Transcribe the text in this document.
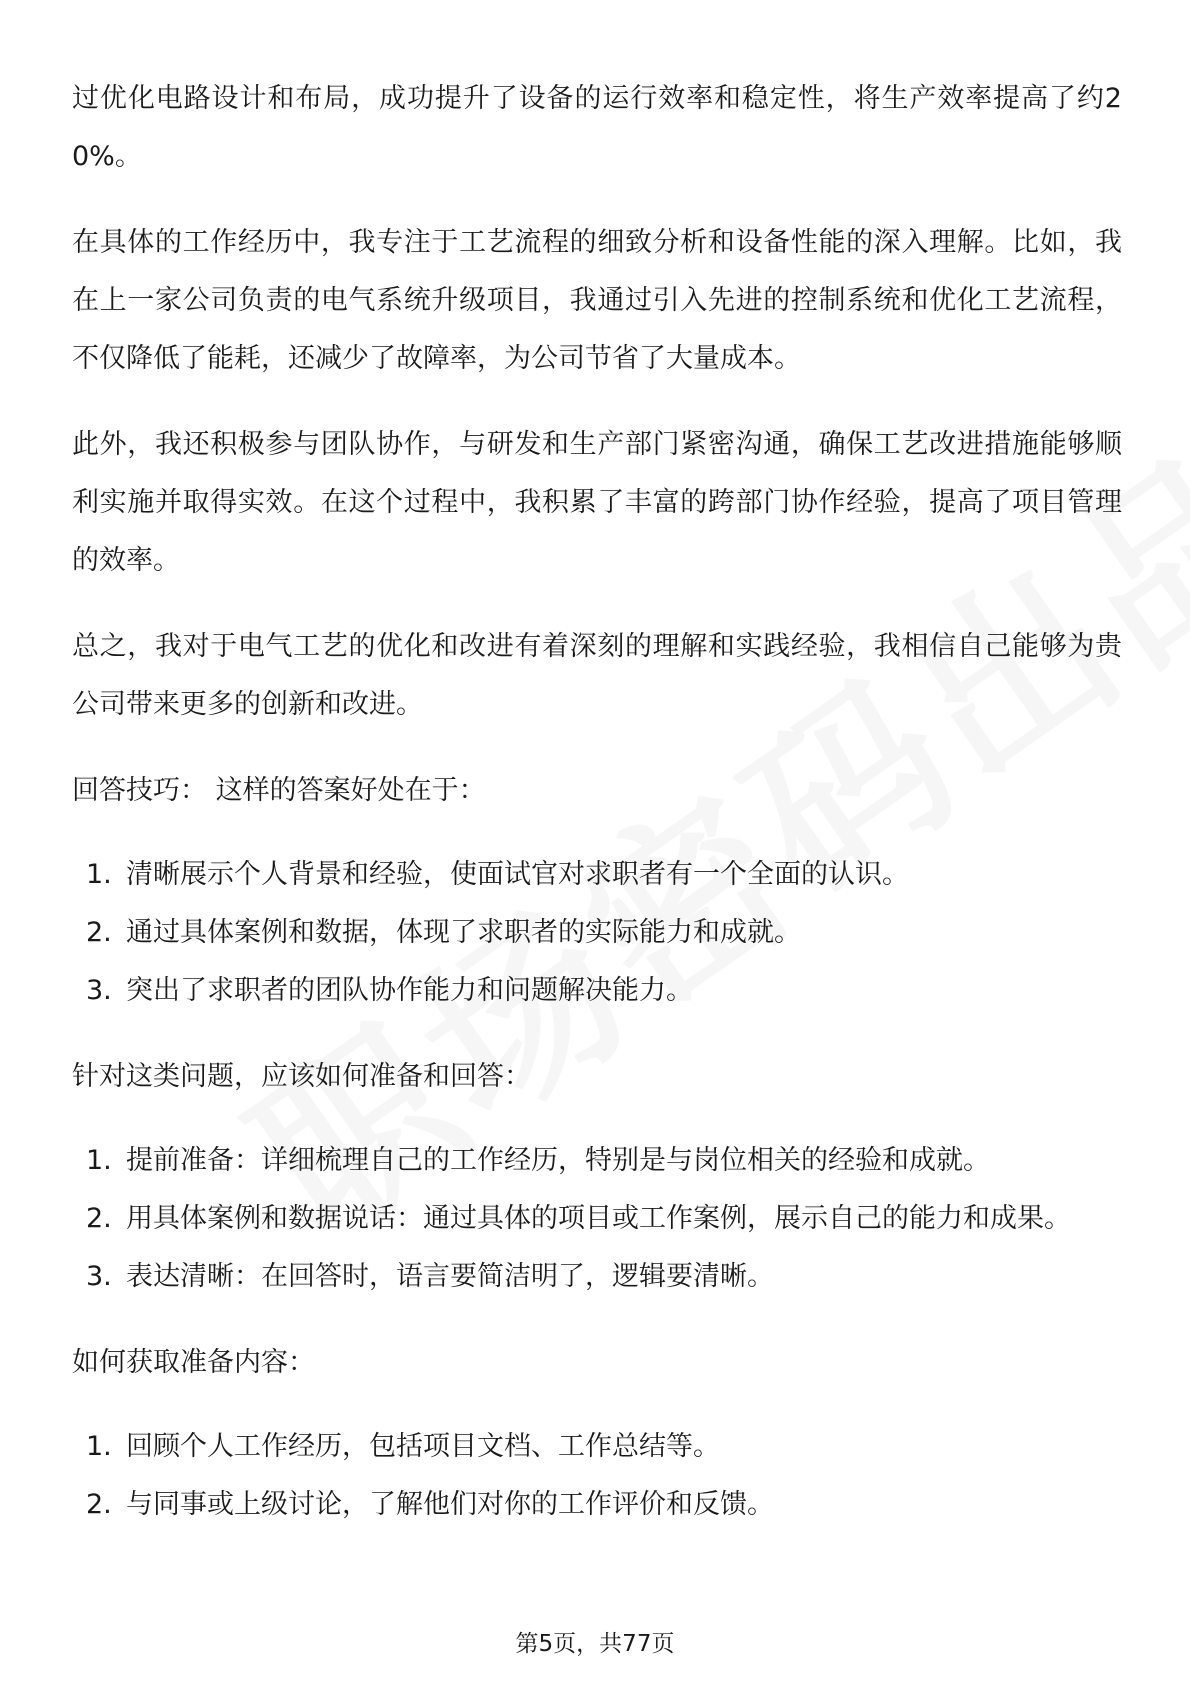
过优化电路设计和布局，成功提升了设备的运行效率和稳定性，将生产效率提高了约20%。

在具体的工作经历中，我专注于工艺流程的细致分析和设备性能的深入理解。比如，我在上一家公司负责的电气系统升级项目，我通过引入先进的控制系统和优化工艺流程，不仅降低了能耗，还减少了故障率，为公司节省了大量成本。

此外，我还积极参与团队协作，与研发和生产部门紧密沟通，确保工艺改进措施能够顺利实施并取得实效。在这个过程中，我积累了丰富的跨部门协作经验，提高了项目管理的效率。

总之，我对于电气工艺的优化和改进有着深刻的理解和实践经验，我相信自己能够为贵公司带来更多的创新和改进。

回答技巧： 这样的答案好处在于：

1. 清晰展示个人背景和经验，使面试官对求职者有一个全面的认识。
2. 通过具体案例和数据，体现了求职者的实际能力和成就。
3. 突出了求职者的团队协作能力和问题解决能力。

针对这类问题，应该如何准备和回答：

1. 提前准备：详细梳理自己的工作经历，特别是与岗位相关的经验和成就。
2. 用具体案例和数据说话：通过具体的项目或工作案例，展示自己的能力和成果。
3. 表达清晰：在回答时，语言要简洁明了，逻辑要清晰。

如何获取准备内容：

1. 回顾个人工作经历，包括项目文档、工作总结等。
2. 与同事或上级讨论，了解他们对你的工作评价和反馈。
第5页，共77页
